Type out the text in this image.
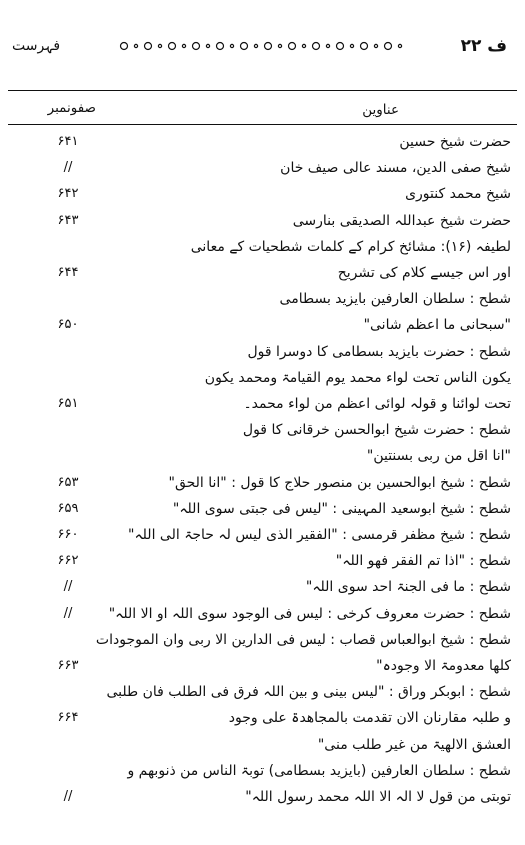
ف ۲۲
فہرست
عناوین
صفونمبر
حضرت شیخ حسین
۶۴۱
شیخ صفی الدین، مسند عالی صیف خان
//
شیخ محمد کنتوری
۶۴۲
حضرت شیخ عبداللہ الصدیقی بنارسی
۶۴۳
لطیفہ (۱۶): مشائخ کرام کے کلمات شطحیات کے معانی
اور اس جیسے کلام کی تشریح
۶۴۴
شطح : سلطان العارفین بایزید بسطامی
"سبحانی ما اعظم شانی"
۶۵۰
شطح : حضرت بایزید بسطامی کا دوسرا قول
یکون الناس تحت لواء محمد یوم القیامۃ ومحمد یکون
تحت لوائنا و قولہ لوائی اعظم من لواء محمد۔
۶۵۱
شطح : حضرت شیخ ابوالحسن خرقانی کا قول
"انا اقل من ربی بسنتین"
شطح : شیخ ابوالحسین بن منصور حلاج کا قول : "انا الحق"
۶۵۳
شطح : شیخ ابوسعید المہینی : "لیس فی جبتی سوی اللہ"
۶۵۹
شطح : شیخ مظفر قرمسی : "الفقیر الذی لیس لہ حاجۃ الی اللہ"
۶۶۰
شطح : "اذا تم الفقر فھو اللہ"
۶۶۲
شطح : ما فی الجنۃ احد سوی اللہ"
//
شطح : حضرت معروف کرخی : لیس فی الوجود سوی اللہ او الا اللہ"
//
شطح : شیخ ابوالعباس قصاب : لیس فی الدارین الا ربی وان الموجودات
کلھا معدومۃ الا وجودہ"
۶۶۳
شطح : ابوبکر وراق : "لیس بینی و بین اللہ فرق فی الطلب فان طلبی
و طلبہ مقارنان الان تقدمت بالمجاھدۃ علی وجود
۶۶۴
العشق الالھیۃ من غیر طلب منی"
شطح : سلطان العارفین (بایزید بسطامی) توبۃ الناس من ذنوبھم و
توبتی من قول لا الہ الا اللہ محمد رسول اللہ"
//
